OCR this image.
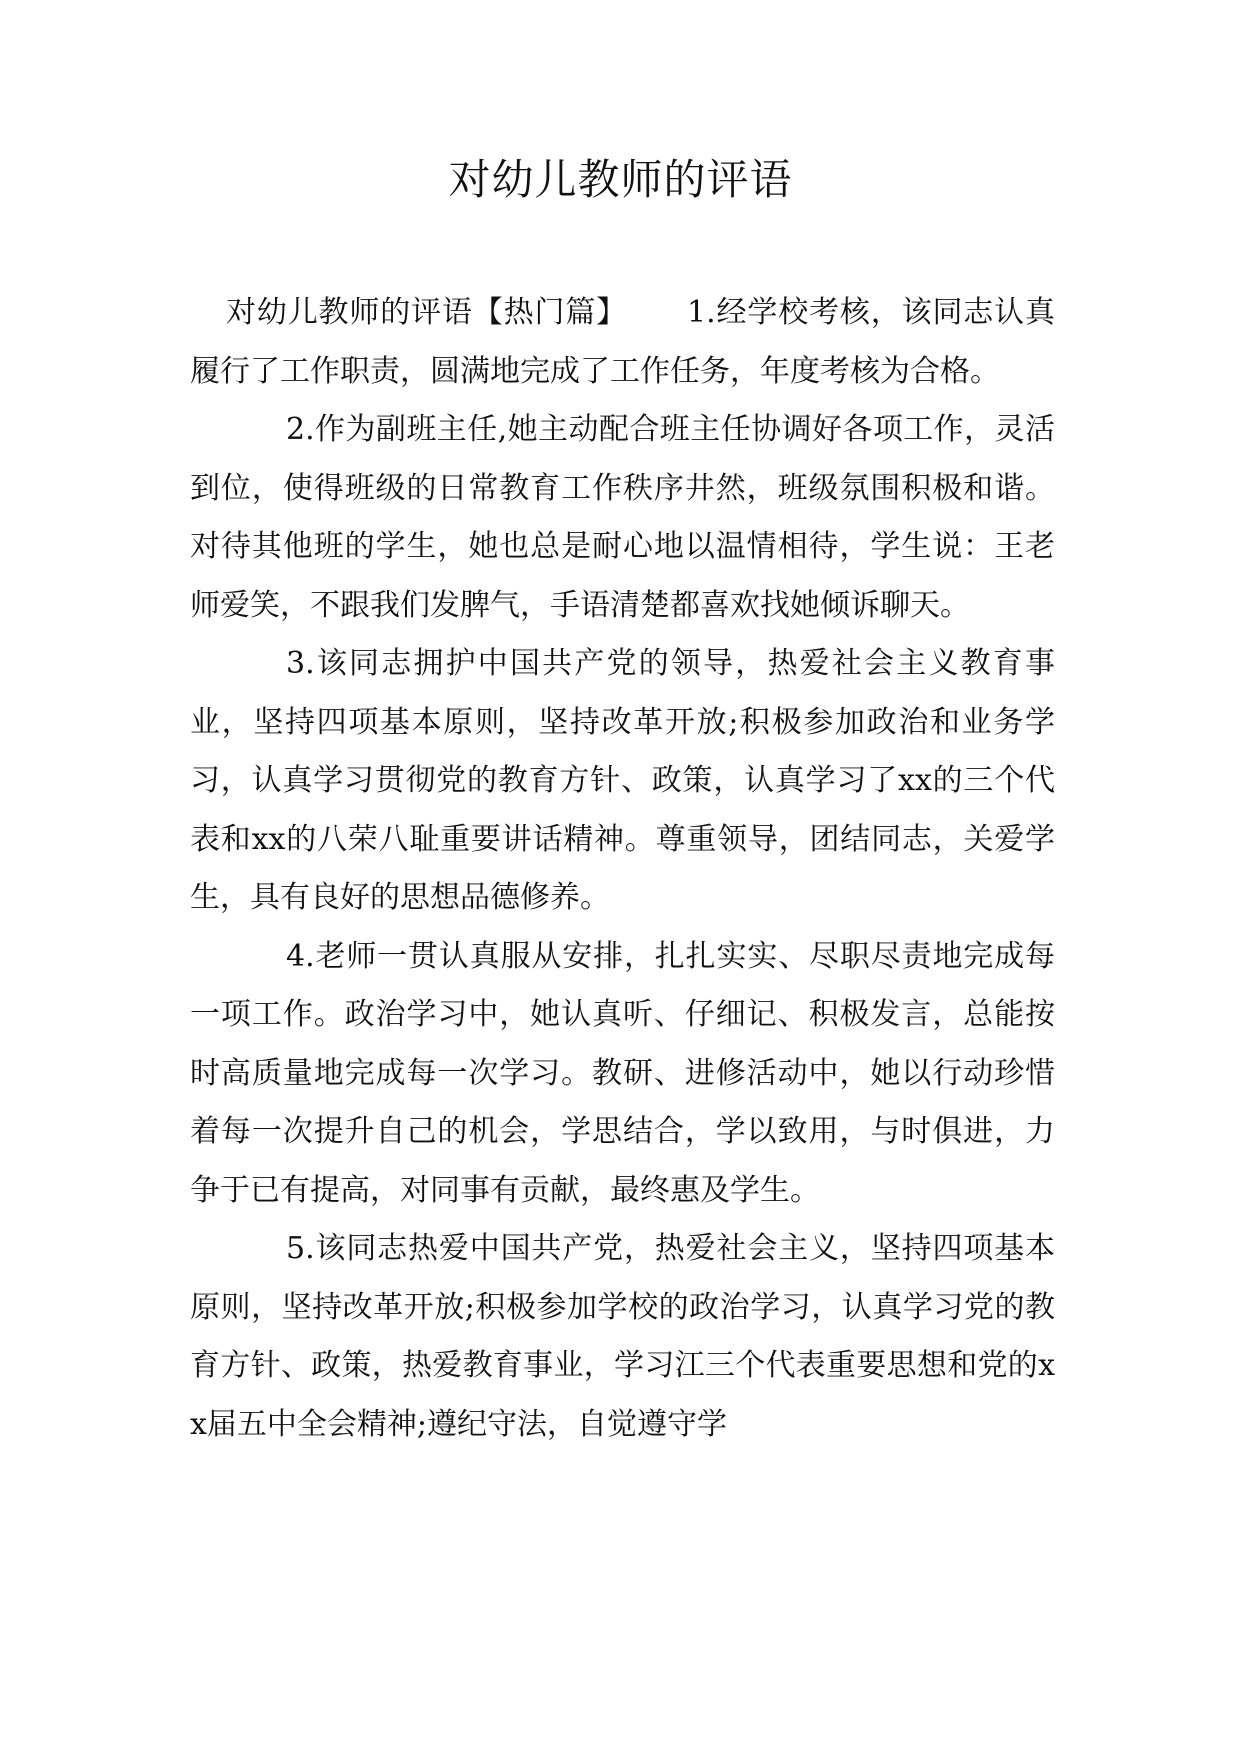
对幼儿教师的评语

对幼儿教师的评语【热门篇】 1.经学校考核，该同志认真履行了工作职责，圆满地完成了工作任务，年度考核为合格。

2.作为副班主任,她主动配合班主任协调好各项工作，灵活到位，使得班级的日常教育工作秩序井然，班级氛围积极和谐。对待其他班的学生，她也总是耐心地以温情相待，学生说：王老师爱笑，不跟我们发脾气，手语清楚都喜欢找她倾诉聊天。

3.该同志拥护中国共产党的领导，热爱社会主义教育事业，坚持四项基本原则，坚持改革开放;积极参加政治和业务学习，认真学习贯彻党的教育方针、政策，认真学习了xx的三个代表和xx的八荣八耻重要讲话精神。尊重领导，团结同志，关爱学生，具有良好的思想品德修养。

4.老师一贯认真服从安排，扎扎实实、尽职尽责地完成每一项工作。政治学习中，她认真听、仔细记、积极发言，总能按时高质量地完成每一次学习。教研、进修活动中，她以行动珍惜着每一次提升自己的机会，学思结合，学以致用，与时俱进，力争于已有提高，对同事有贡献，最终惠及学生。

5.该同志热爱中国共产党，热爱社会主义，坚持四项基本原则，坚持改革开放;积极参加学校的政治学习，认真学习党的教育方针、政策，热爱教育事业，学习江三个代表重要思想和党的xx届五中全会精神;遵纪守法，自觉遵守学
